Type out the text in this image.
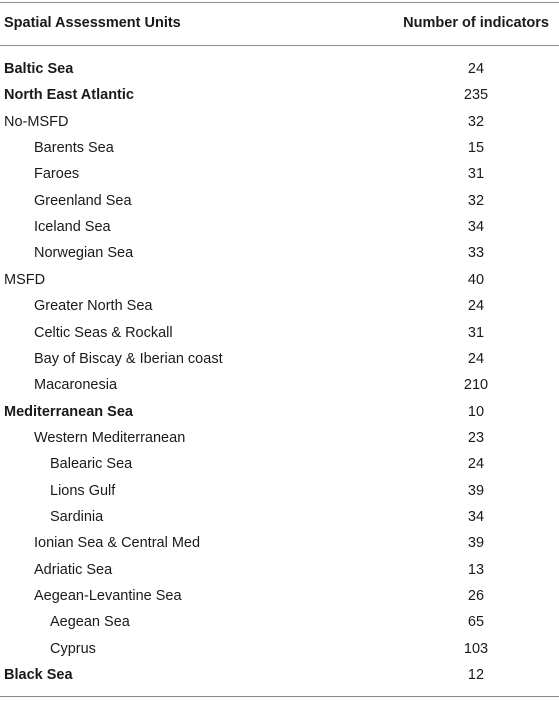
Spatial Assessment Units	Number of indicators
Baltic Sea	24
North East Atlantic	235
No-MSFD	32
Barents Sea	15
Faroes	31
Greenland Sea	32
Iceland Sea	34
Norwegian Sea	33
MSFD	40
Greater North Sea	24
Celtic Seas & Rockall	31
Bay of Biscay & Iberian coast	24
Macaronesia	210
Mediterranean Sea	10
Western Mediterranean	23
Balearic Sea	24
Lions Gulf	39
Sardinia	34
Ionian Sea & Central Med	39
Adriatic Sea	13
Aegean-Levantine Sea	26
Aegean Sea	65
Cyprus	103
Black Sea	12
